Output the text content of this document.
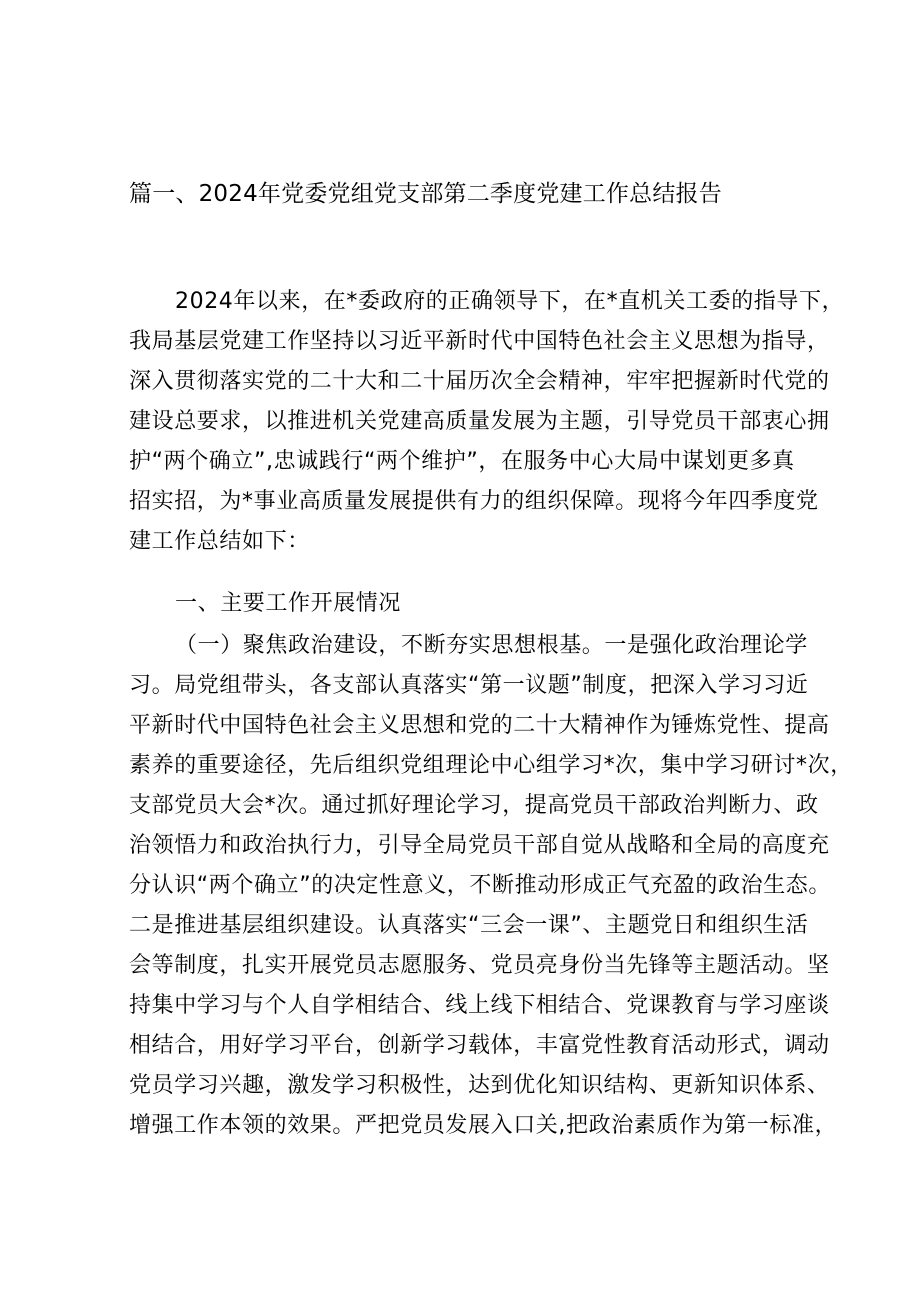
篇一、2024年党委党组党支部第二季度党建工作总结报告
2024年以来，在*委政府的正确领导下，在*直机关工委的指导下，
我局基层党建工作坚持以习近平新时代中国特色社会主义思想为指导，
深入贯彻落实党的二十大和二十届历次全会精神，牢牢把握新时代党的
建设总要求，以推进机关党建高质量发展为主题，引导党员干部衷心拥
护“两个确立”,忠诚践行“两个维护”，在服务中心大局中谋划更多真
招实招，为*事业高质量发展提供有力的组织保障。现将今年四季度党
建工作总结如下：
一、主要工作开展情况
（一）聚焦政治建设，不断夯实思想根基。一是强化政治理论学
习。局党组带头，各支部认真落实“第一议题”制度，把深入学习习近
平新时代中国特色社会主义思想和党的二十大精神作为锤炼党性、提高
素养的重要途径，先后组织党组理论中心组学习*次，集中学习研讨*次，
支部党员大会*次。通过抓好理论学习，提高党员干部政治判断力、政
治领悟力和政治执行力，引导全局党员干部自觉从战略和全局的高度充
分认识“两个确立”的决定性意义，不断推动形成正气充盈的政治生态。
二是推进基层组织建设。认真落实“三会一课”、主题党日和组织生活
会等制度，扎实开展党员志愿服务、党员亮身份当先锋等主题活动。坚
持集中学习与个人自学相结合、线上线下相结合、党课教育与学习座谈
相结合，用好学习平台，创新学习载体，丰富党性教育活动形式，调动
党员学习兴趣，激发学习积极性，达到优化知识结构、更新知识体系、
增强工作本领的效果。严把党员发展入口关,把政治素质作为第一标准，
